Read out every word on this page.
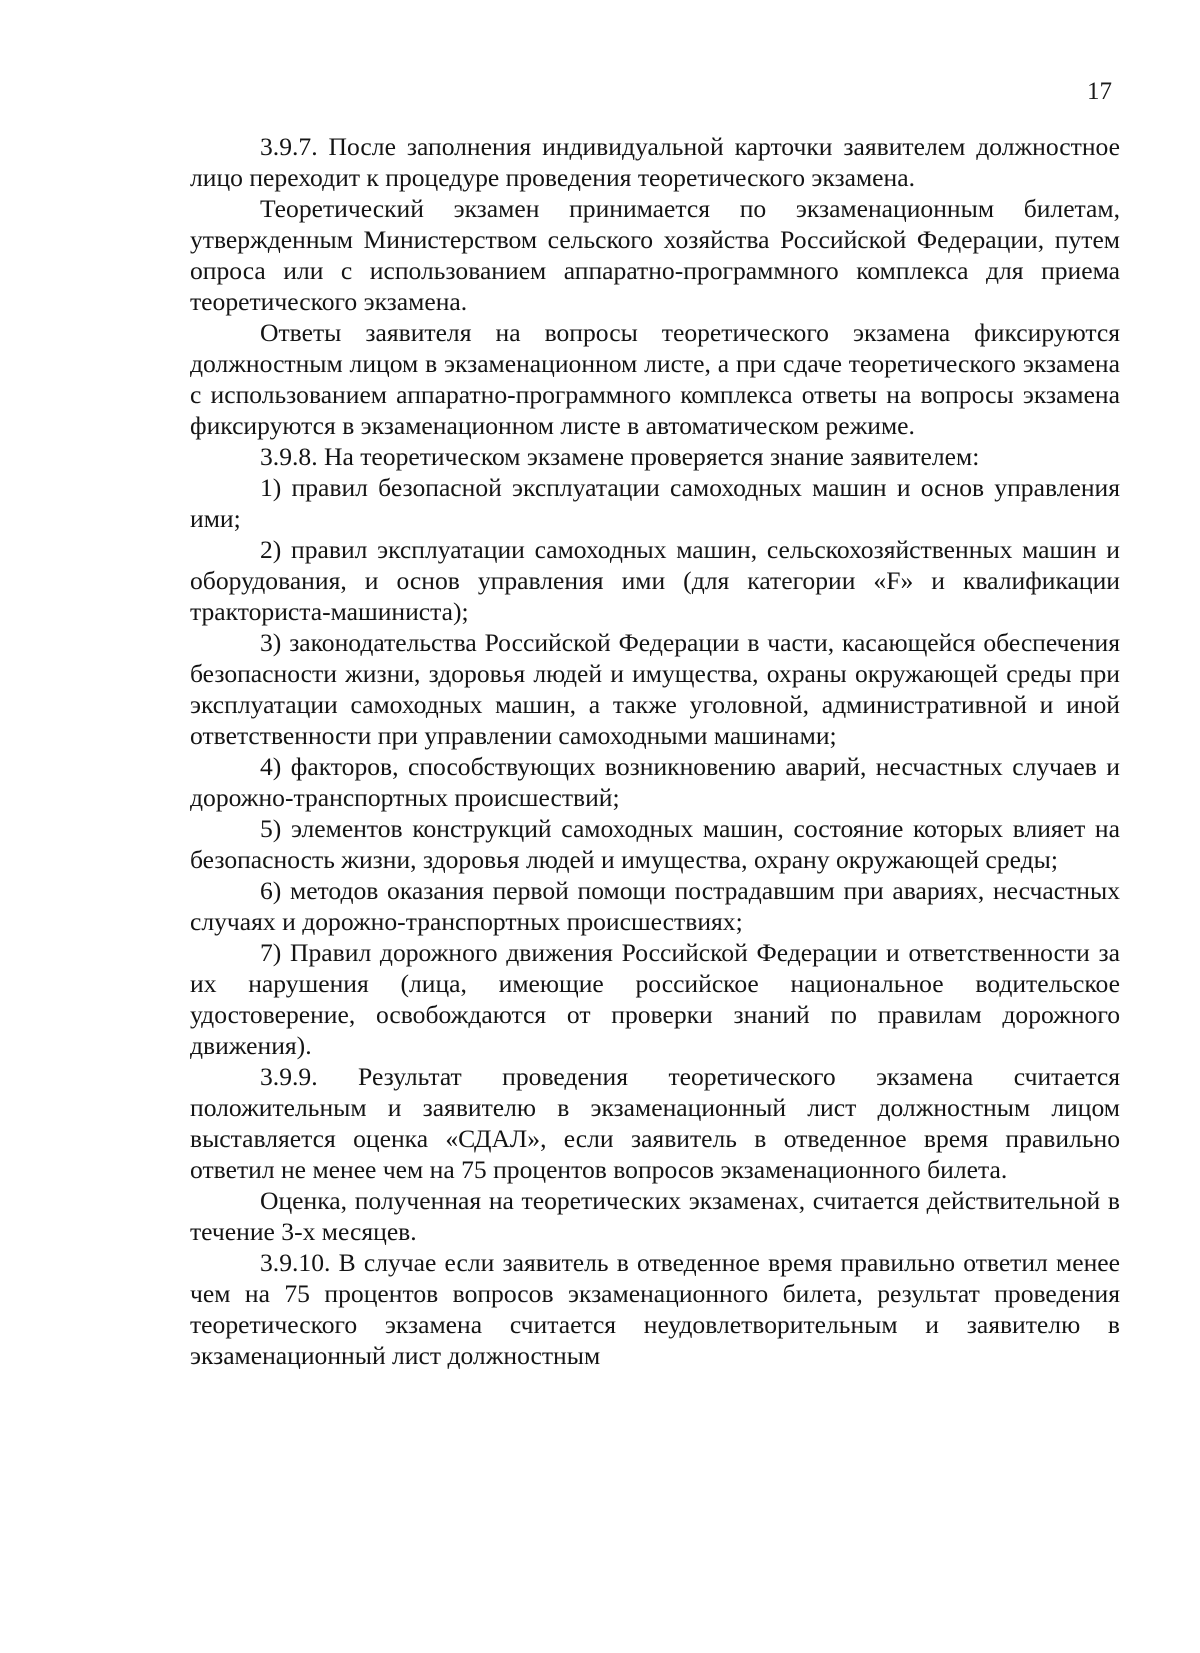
17

3.9.7. После заполнения индивидуальной карточки заявителем должностное лицо переходит к процедуре проведения теоретического экзамена.

Теоретический экзамен принимается по экзаменационным билетам, утвержденным Министерством сельского хозяйства Российской Федерации, путем опроса или с использованием аппаратно-программного комплекса для приема теоретического экзамена.

Ответы заявителя на вопросы теоретического экзамена фиксируются должностным лицом в экзаменационном листе, а при сдаче теоретического экзамена с использованием аппаратно-программного комплекса ответы на вопросы экзамена фиксируются в экзаменационном листе в автоматическом режиме.

3.9.8. На теоретическом экзамене проверяется знание заявителем:

1) правил безопасной эксплуатации самоходных машин и основ управления ими;

2) правил эксплуатации самоходных машин, сельскохозяйственных машин и оборудования, и основ управления ими (для категории «F» и квалификации тракториста-машиниста);

3) законодательства Российской Федерации в части, касающейся обеспечения безопасности жизни, здоровья людей и имущества, охраны окружающей среды при эксплуатации самоходных машин, а также уголовной, административной и иной ответственности при управлении самоходными машинами;

4) факторов, способствующих возникновению аварий, несчастных случаев и дорожно-транспортных происшествий;

5) элементов конструкций самоходных машин, состояние которых влияет на безопасность жизни, здоровья людей и имущества, охрану окружающей среды;

6) методов оказания первой помощи пострадавшим при авариях, несчастных случаях и дорожно-транспортных происшествиях;

7) Правил дорожного движения Российской Федерации и ответственности за их нарушения (лица, имеющие российское национальное водительское удостоверение, освобождаются от проверки знаний по правилам дорожного движения).

3.9.9. Результат проведения теоретического экзамена считается положительным и заявителю в экзаменационный лист должностным лицом выставляется оценка «СДАЛ», если заявитель в отведенное время правильно ответил не менее чем на 75 процентов вопросов экзаменационного билета.

Оценка, полученная на теоретических экзаменах, считается действительной в течение 3-х месяцев.

3.9.10. В случае если заявитель в отведенное время правильно ответил менее чем на 75 процентов вопросов экзаменационного билета, результат проведения теоретического экзамена считается неудовлетворительным и заявителю в экзаменационный лист должностным
